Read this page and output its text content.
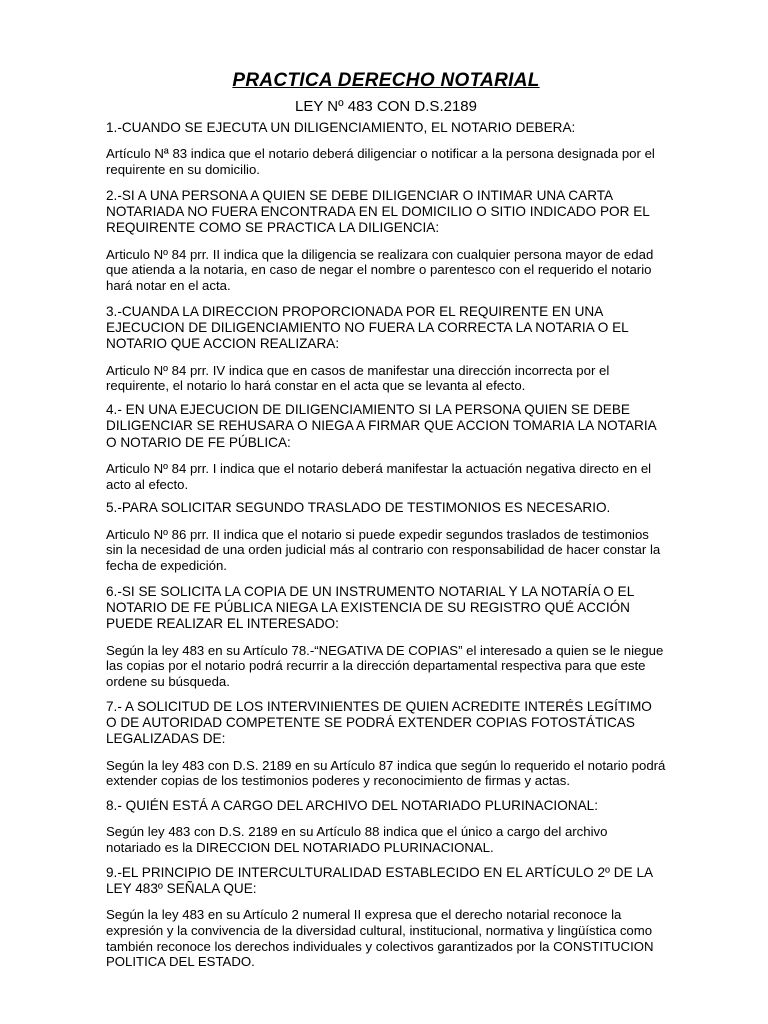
PRACTICA DERECHO NOTARIAL

LEY Nº 483 CON D.S.2189

1.-CUANDO SE EJECUTA UN DILIGENCIAMIENTO, EL NOTARIO DEBERA:

Artículo Nª 83 indica que el notario deberá diligenciar o notificar a la persona designada por el requirente en su domicilio.

2.-SI A UNA PERSONA A QUIEN SE DEBE DILIGENCIAR O INTIMAR UNA CARTA NOTARIADA NO FUERA ENCONTRADA EN EL DOMICILIO O SITIO INDICADO POR EL REQUIRENTE COMO SE PRACTICA LA DILIGENCIA:

Articulo Nº 84 prr. II indica que la diligencia se realizara con cualquier persona mayor de edad que atienda a la notaria, en caso de negar el nombre o parentesco con el requerido el notario hará notar en el acta.

3.-CUANDA LA DIRECCION PROPORCIONADA POR EL REQUIRENTE EN UNA EJECUCION DE DILIGENCIAMIENTO NO FUERA LA CORRECTA LA NOTARIA O EL NOTARIO QUE ACCION REALIZARA:

Articulo Nº 84 prr. IV indica que en casos de manifestar una dirección incorrecta por el requirente, el notario lo hará constar en el acta que se levanta al efecto.

4.- EN UNA EJECUCION DE DILIGENCIAMIENTO SI LA PERSONA QUIEN SE DEBE DILIGENCIAR SE REHUSARA O NIEGA A FIRMAR QUE ACCION TOMARIA LA NOTARIA O NOTARIO DE FE PÚBLICA:

Articulo Nº 84 prr. I indica que el notario deberá manifestar la actuación negativa directo en el acto al efecto.

5.-PARA SOLICITAR SEGUNDO TRASLADO DE TESTIMONIOS ES NECESARIO.

Articulo Nº 86 prr. II indica que el notario si puede expedir segundos traslados de testimonios sin la necesidad de una orden judicial más al contrario con responsabilidad de hacer constar la fecha de expedición.

6.-SI SE SOLICITA LA COPIA DE UN INSTRUMENTO NOTARIAL Y LA NOTARÍA O EL NOTARIO DE FE PÚBLICA NIEGA LA EXISTENCIA DE SU REGISTRO QUÉ ACCIÓN PUEDE REALIZAR EL INTERESADO:

Según la ley 483 en su Artículo 78.-“NEGATIVA DE COPIAS” el interesado a quien se le niegue las copias por el notario podrá recurrir a la dirección departamental respectiva para que este ordene su búsqueda.

7.- A SOLICITUD DE LOS INTERVINIENTES DE QUIEN ACREDITE INTERÉS LEGÍTIMO O DE AUTORIDAD COMPETENTE SE PODRÁ EXTENDER COPIAS FOTOSTÁTICAS LEGALIZADAS DE:

Según la ley 483 con D.S. 2189 en su Artículo 87 indica que según lo requerido el notario podrá extender copias de los testimonios poderes y reconocimiento de firmas y actas.

8.- QUIÉN ESTÁ A CARGO DEL ARCHIVO DEL NOTARIADO PLURINACIONAL:

Según ley 483 con D.S. 2189 en su Artículo 88 indica que el único a cargo del archivo notariado es la DIRECCION DEL NOTARIADO PLURINACIONAL.

9.-EL PRINCIPIO DE INTERCULTURALIDAD ESTABLECIDO EN EL ARTÍCULO 2º DE LA LEY 483º SEÑALA QUE:

Según la ley 483 en su Artículo 2 numeral II expresa que el derecho notarial reconoce la expresión y la convivencia de la diversidad cultural, institucional, normativa y lingüística como también reconoce los derechos individuales y colectivos garantizados por la CONSTITUCION POLITICA DEL ESTADO.
